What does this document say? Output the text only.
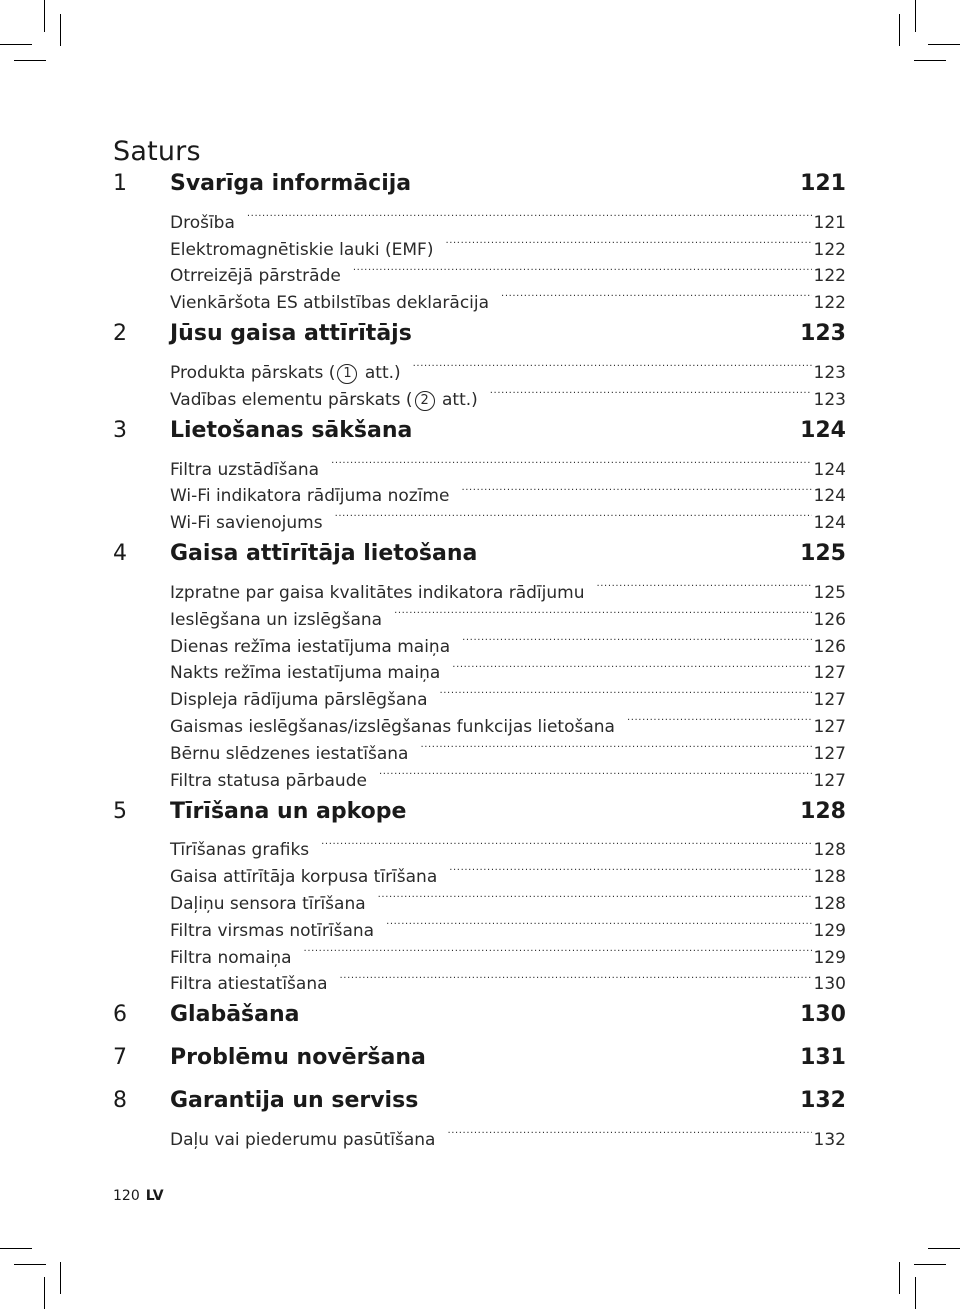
Saturs
1	Svarīga informācija	121
Drošība .....	121
Elektromagnētiskie lauki (EMF) .....	122
Otrreizējā pārstrāde .....	122
Vienkāršota ES atbilstības deklarācija .....	122
2	Jūsu gaisa attīrītājs	123
Produkta pārskats ( 1 att.) .....	123
Vadības elementu pārskats ( 2 att.) .....	123
3	Lietošanas sākšana	124
Filtra uzstādīšana .....	124
Wi-Fi indikatora rādījuma nozīme .....	124
Wi-Fi savienojums .....	124
4	Gaisa attīrītāja lietošana	125
Izpratne par gaisa kvalitātes indikatora rādījumu .....	125
Ieslēgšana un izslēgšana .....	126
Dienas režīma iestatījuma maiņa .....	126
Nakts režīma iestatījuma maiņa .....	127
Displeja rādījuma pārslēgšana .....	127
Gaismas ieslēgšanas/izslēgšanas funkcijas lietošana .....	127
Bērnu slēdzenes iestatīšana .....	127
Filtra statusa pārbaude .....	127
5	Tīrīšana un apkope	128
Tīrīšanas grafiks .....	128
Gaisa attīrītāja korpusa tīrīšana .....	128
Daļiņu sensora tīrīšana .....	128
Filtra virsmas notīrīšana .....	129
Filtra nomaiņa .....	129
Filtra atiestatīšana .....	130
6	Glabāšana	130
7	Problēmu novēršana	131
8	Garantija un serviss	132
Daļu vai piederumu pasūtīšana .....	132
120 LV
